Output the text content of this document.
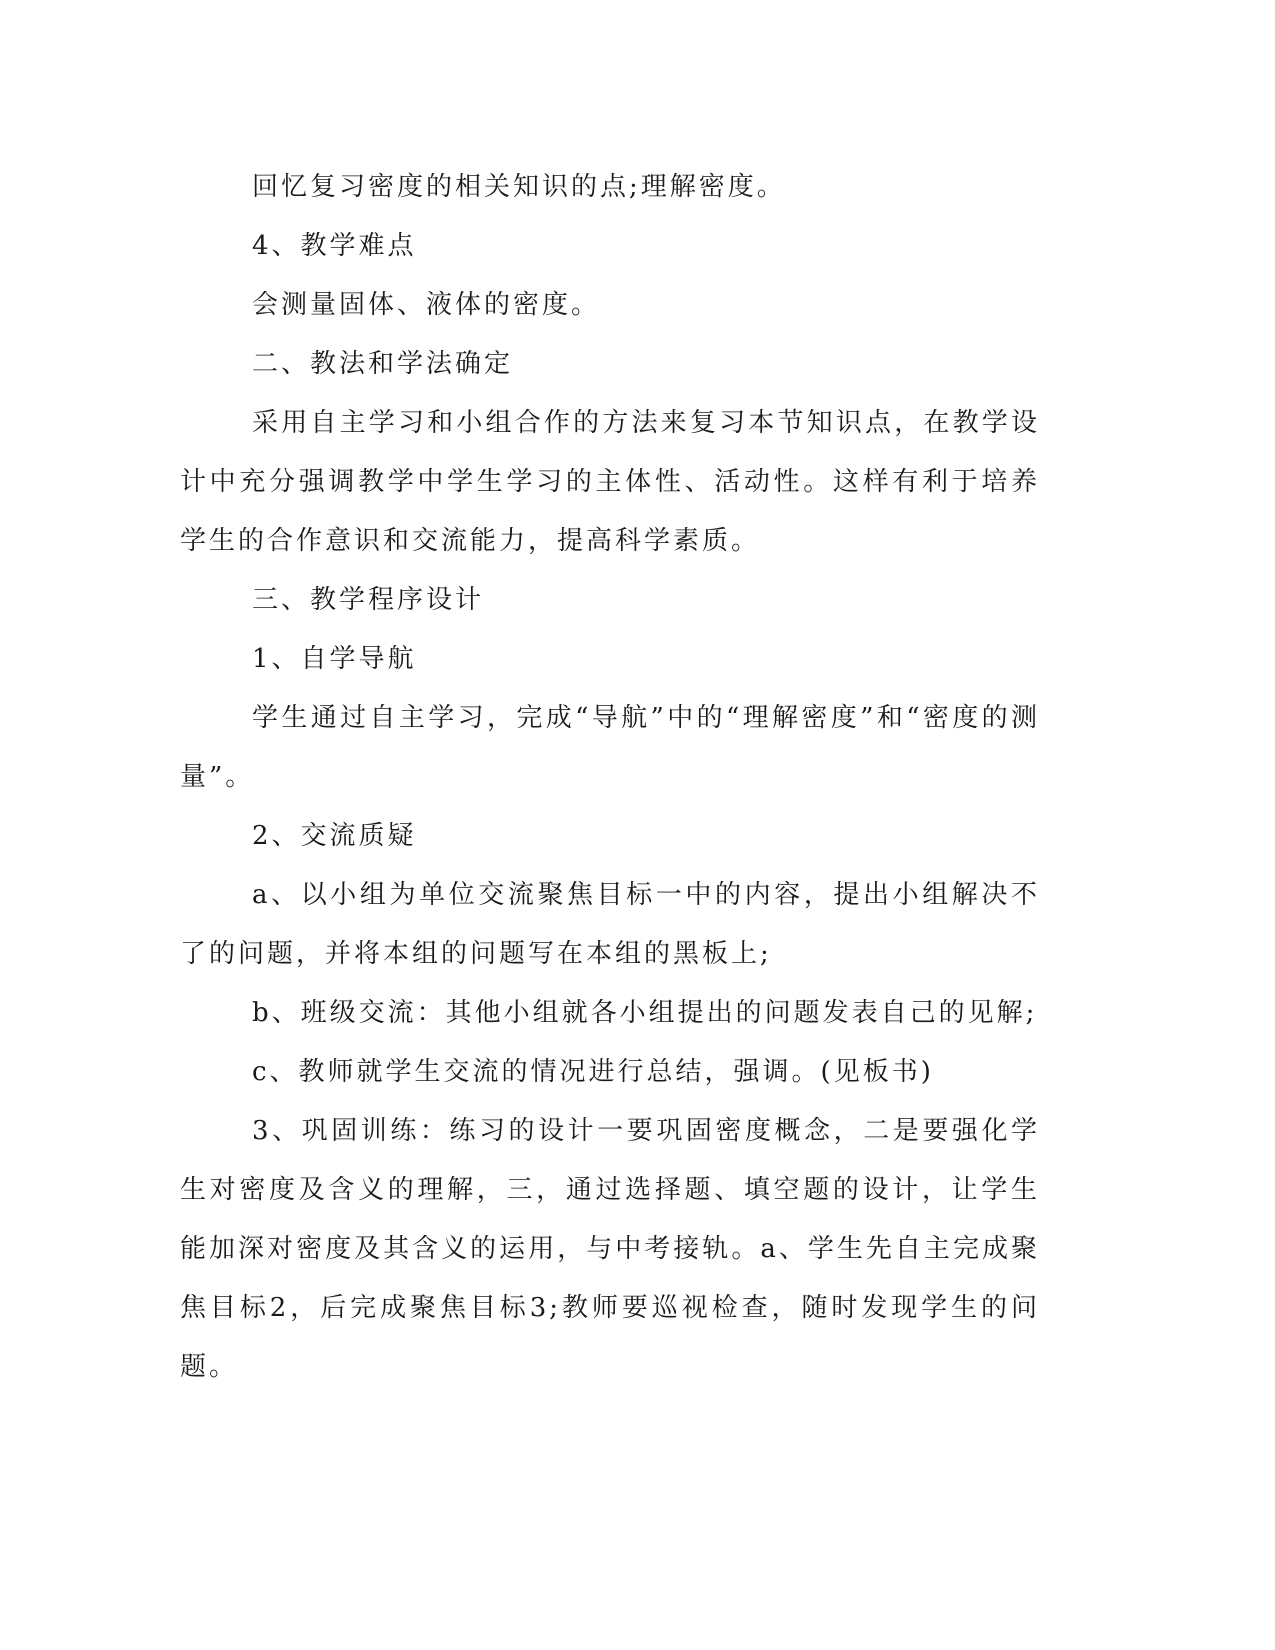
回忆复习密度的相关知识的点;理解密度。

4、教学难点

会测量固体、液体的密度。

二、教法和学法确定

采用自主学习和小组合作的方法来复习本节知识点，在教学设计中充分强调教学中学生学习的主体性、活动性。这样有利于培养学生的合作意识和交流能力，提高科学素质。

三、教学程序设计

1、自学导航

学生通过自主学习，完成“导航”中的“理解密度”和“密度的测量”。

2、交流质疑

a、以小组为单位交流聚焦目标一中的内容，提出小组解决不了的问题，并将本组的问题写在本组的黑板上;

b、班级交流：其他小组就各小组提出的问题发表自己的见解;

c、教师就学生交流的情况进行总结，强调。(见板书)

3、巩固训练：练习的设计一要巩固密度概念，二是要强化学生对密度及含义的理解，三，通过选择题、填空题的设计，让学生能加深对密度及其含义的运用，与中考接轨。a、学生先自主完成聚焦目标2，后完成聚焦目标3;教师要巡视检查，随时发现学生的问题。
